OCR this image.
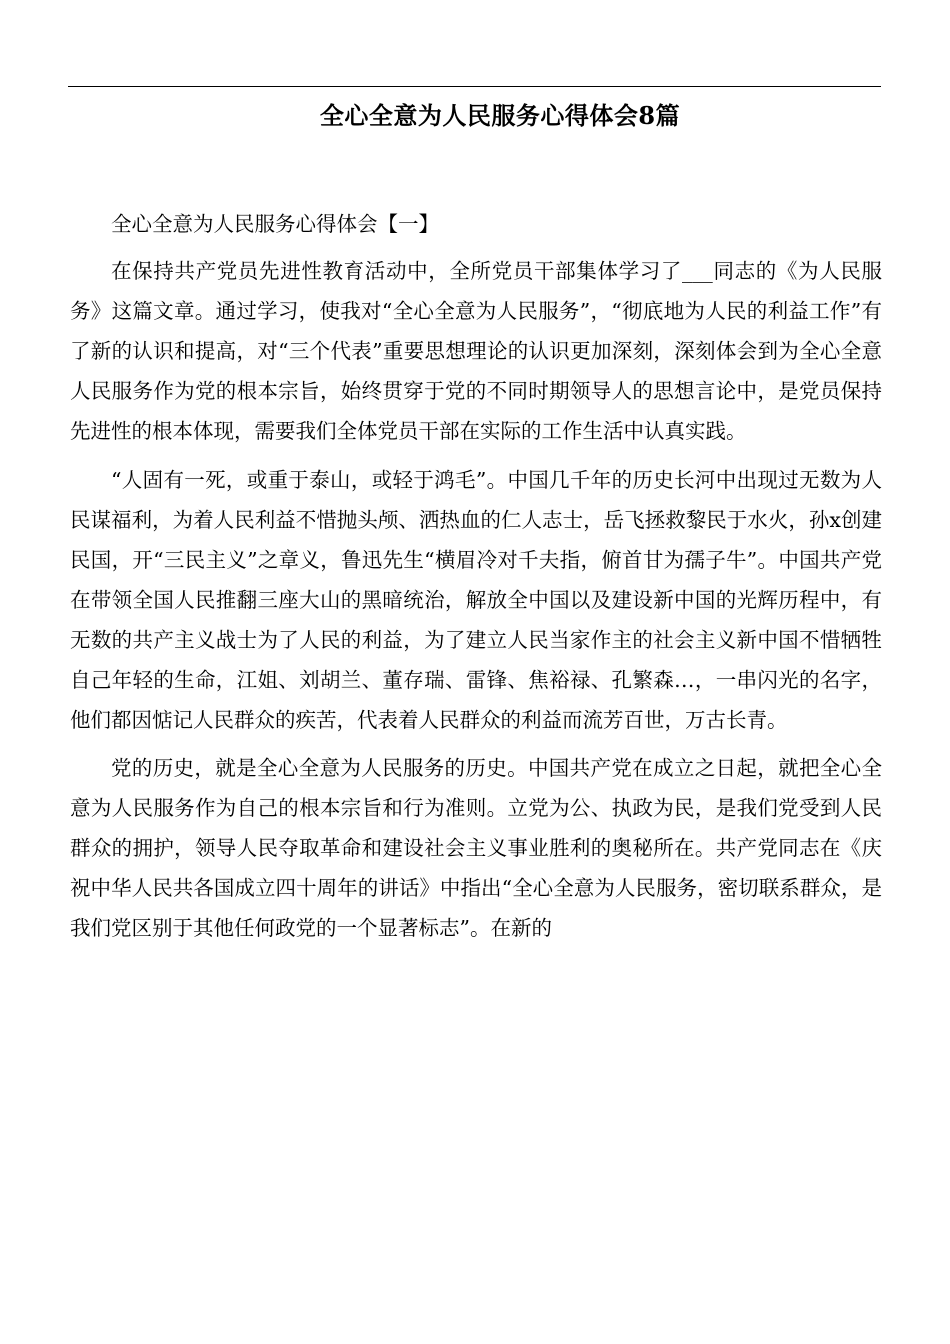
全心全意为人民服务心得体会8篇

全心全意为人民服务心得体会【一】

在保持共产党员先进性教育活动中，全所党员干部集体学习了___同志的《为人民服务》这篇文章。通过学习，使我对“全心全意为人民服务”，“彻底地为人民的利益工作”有了新的认识和提高，对“三个代表”重要思想理论的认识更加深刻，深刻体会到为全心全意人民服务作为党的根本宗旨，始终贯穿于党的不同时期领导人的思想言论中，是党员保持先进性的根本体现，需要我们全体党员干部在实际的工作生活中认真实践。

“人固有一死，或重于泰山，或轻于鸿毛”。中国几千年的历史长河中出现过无数为人民谋福利，为着人民利益不惜抛头颅、洒热血的仁人志士，岳飞拯救黎民于水火，孙x创建民国，开“三民主义”之章义，鲁迅先生“横眉冷对千夫指，俯首甘为孺子牛”。中国共产党在带领全国人民推翻三座大山的黑暗统治，解放全中国以及建设新中国的光辉历程中，有无数的共产主义战士为了人民的利益，为了建立人民当家作主的社会主义新中国不惜牺牲自己年轻的生命，江姐、刘胡兰、董存瑞、雷锋、焦裕禄、孔繁森…，一串闪光的名字，他们都因惦记人民群众的疾苦，代表着人民群众的利益而流芳百世，万古长青。

党的历史，就是全心全意为人民服务的历史。中国共产党在成立之日起，就把全心全意为人民服务作为自己的根本宗旨和行为准则。立党为公、执政为民，是我们党受到人民群众的拥护，领导人民夺取革命和建设社会主义事业胜利的奥秘所在。共产党同志在《庆祝中华人民共各国成立四十周年的讲话》中指出“全心全意为人民服务，密切联系群众，是我们党区别于其他任何政党的一个显著标志”。在新的
